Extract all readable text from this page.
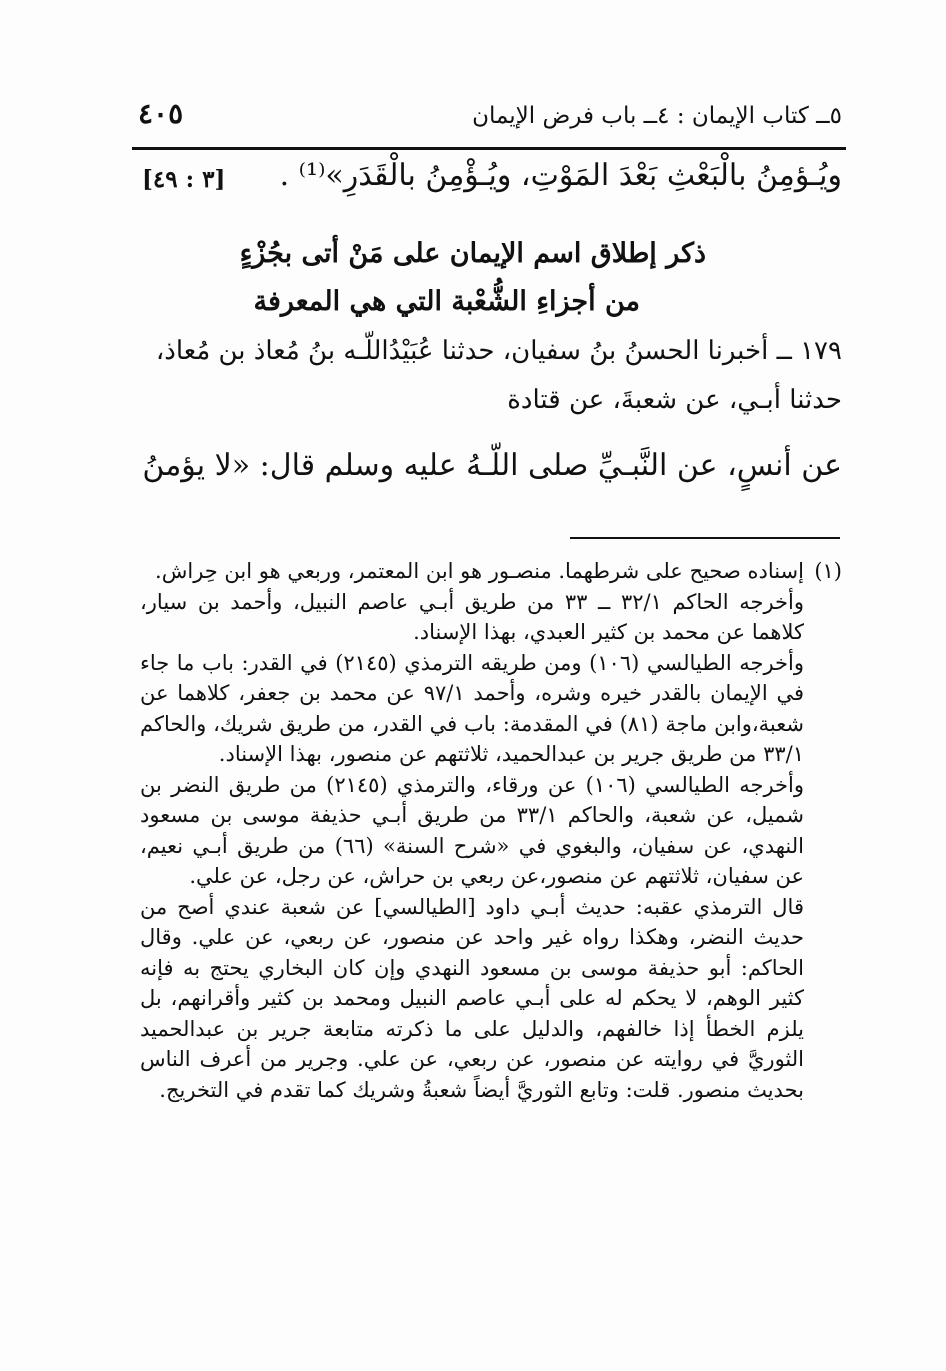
٤٠٥	٥ــ كتاب الإيمان : ٤ــ باب فرض الإيمان
ويُـؤمِنُ بالْبَعْثِ بَعْدَ المَوْتِ، ويُـؤْمِنُ بالْقَدَرِ»⁽¹⁾ .
[٣ : ٤٩]
ذكر إطلاق اسم الإيمان على مَنْ أتى بجُزْءٍ
من أجزاءِ الشُّعْبة التي هي المعرفة
١٧٩ ــ أخبرنا الحسنُ بنُ سفيان، حدثنا عُبَيْدُاللّـه بنُ مُعاذ بن مُعاذ،
حدثنا أبـي، عن شعبةَ، عن قتادة
عن أنسٍ، عن النَّبـيِّ صلى اللّـهُ عليه وسلم قال: «لا يؤمنُ

(١)إسناده صحيح على شرطهما. منصـور هو ابن المعتمر، وربعي هو ابن حِراش.

وأخرجه الحاكم ٣٢/١ ــ ٣٣ من طريق أبـي عاصم النبيل، وأحمد بن سيار، كلاهما عن محمد بن كثير العبدي، بهذا الإسناد.

وأخرجه الطيالسي (١٠٦) ومن طريقه الترمذي (٢١٤٥) في القدر: باب ما جاء في الإيمان بالقدر خيره وشره، وأحمد ٩٧/١ عن محمد بن جعفر، كلاهما عن شعبة،وابن ماجة (٨١) في المقدمة: باب في القدر، من طريق شريك، والحاكم ٣٣/١ من طريق جرير بن عبدالحميد، ثلاثتهم عن منصور، بهذا الإسناد.

وأخرجه الطيالسي (١٠٦) عن ورقاء، والترمذي (٢١٤٥) من طريق النضر بن شميل، عن شعبة، والحاكم ٣٣/١ من طريق أبـي حذيفة موسى بن مسعود النهدي، عن سفيان، والبغوي في «شرح السنة» (٦٦) من طريق أبـي نعيم، عن سفيان، ثلاثتهم عن منصور،عن ربعي بن حراش، عن رجل، عن علي.

قال الترمذي عقبه: حديث أبـي داود [الطيالسي] عن شعبة عندي أصح من حديث النضر، وهكذا رواه غير واحد عن منصور، عن ربعي، عن علي. وقال الحاكم: أبو حذيفة موسى بن مسعود النهدي وإن كان البخاري يحتج به فإنه كثير الوهم، لا يحكم له على أبـي عاصم النبيل ومحمد بن كثير وأقرانهم، بل يلزم الخطأ إذا خالفهم، والدليل على ما ذكرته متابعة جرير بن عبدالحميد الثوريَّ في روايته عن منصور، عن ربعي، عن علي. وجرير من أعرف الناس بحديث منصور. قلت: وتابع الثوريَّ أيضاً شعبةُ وشريك كما تقدم في التخريج.
